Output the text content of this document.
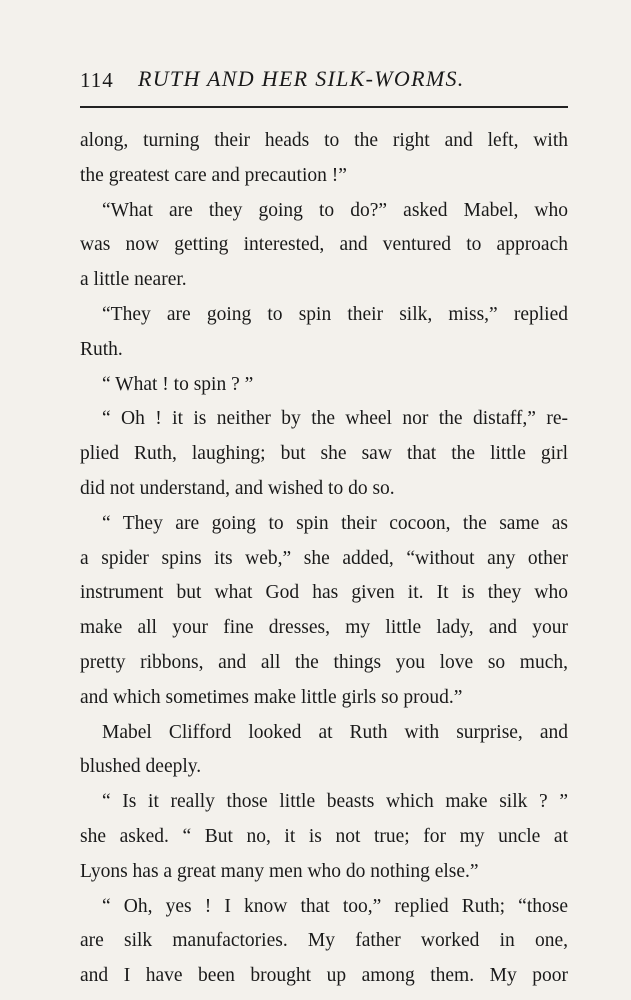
114 RUTH AND HER SILK-WORMS.
along, turning their heads to the right and left, with
the greatest care and precaution !”
“What are they going to do?” asked Mabel, who
was now getting interested, and ventured to approach
a little nearer.
“They are going to spin their silk, miss,” replied
Ruth.
“ What ! to spin ? ”
“ Oh ! it is neither by the wheel nor the distaff,” re-
plied Ruth, laughing; but she saw that the little girl
did not understand, and wished to do so.
“ They are going to spin their cocoon, the same as
a spider spins its web,” she added, “without any other
instrument but what God has given it. It is they who
make all your fine dresses, my little lady, and your
pretty ribbons, and all the things you love so much,
and which sometimes make little girls so proud.”
Mabel Clifford looked at Ruth with surprise, and
blushed deeply.
“ Is it really those little beasts which make silk ? ”
she asked. “ But no, it is not true; for my uncle at
Lyons has a great many men who do nothing else.”
“ Oh, yes ! I know that too,” replied Ruth; “those
are silk manufactories. My father worked in one,
and I have been brought up among them. My poor
